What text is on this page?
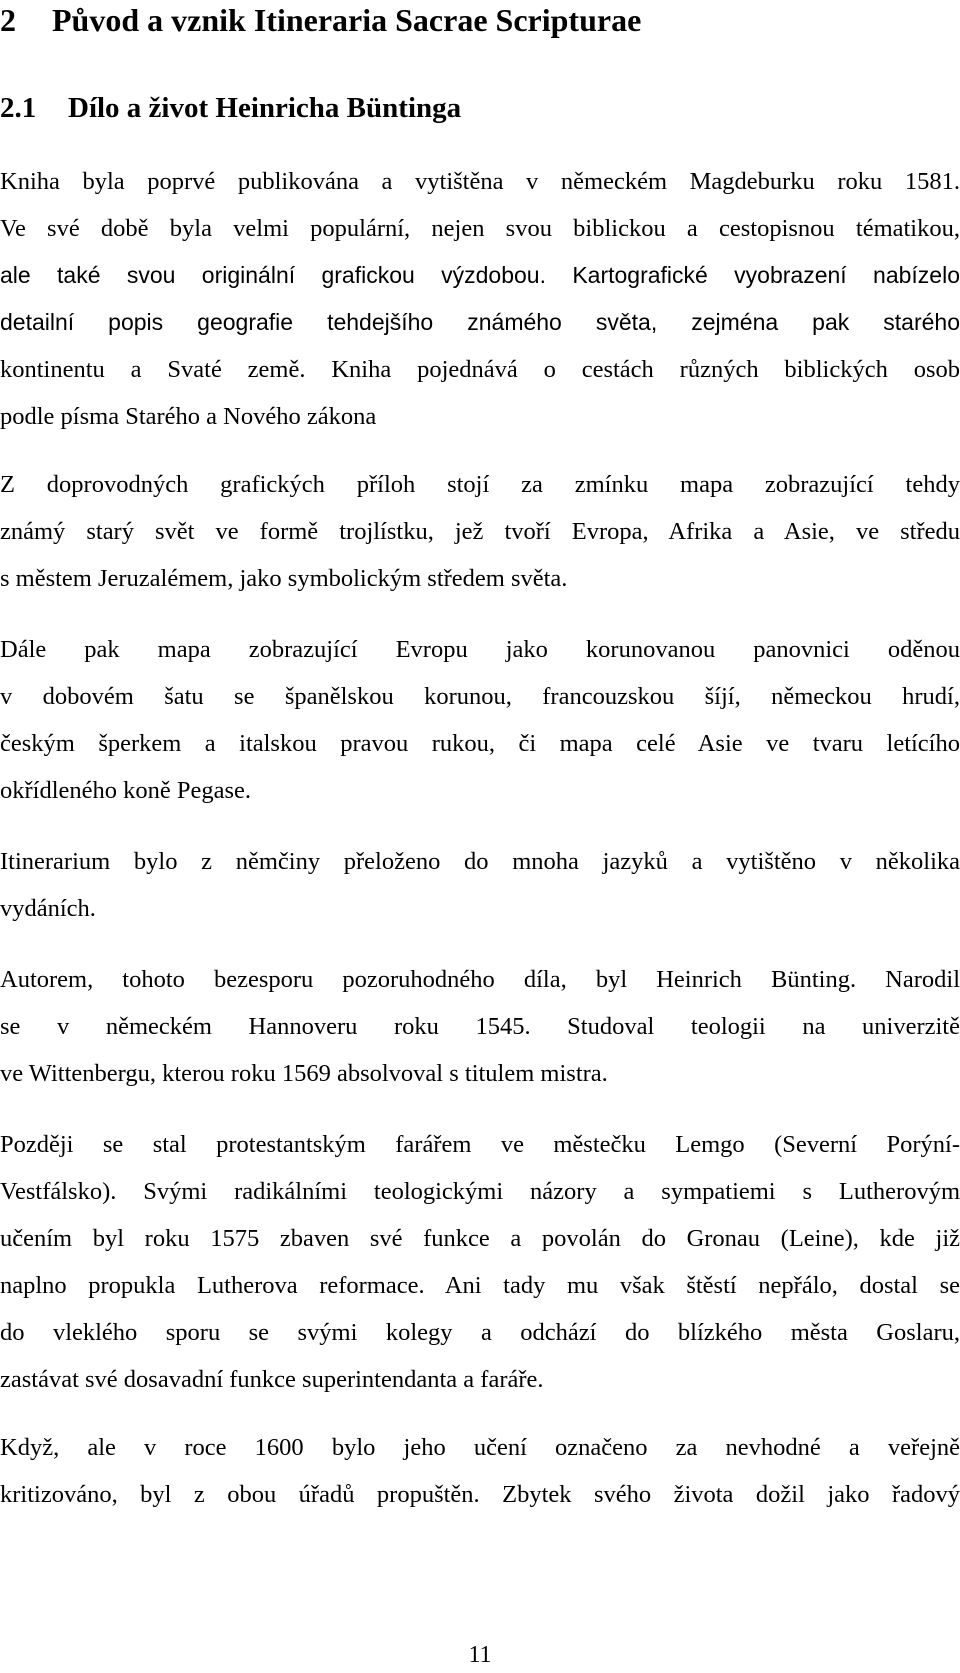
2 Původ a vznik Itineraria Sacrae Scripturae
2.1 Dílo a život Heinricha Büntinga
Kniha byla poprvé publikována a vytištěna v německém Magdeburku roku 1581.
Ve své době byla velmi populární, nejen svou biblickou a cestopisnou tématikou,
ale také svou originální grafickou výzdobou. Kartografické vyobrazení nabízelo
detailní popis geografie tehdejšího známého světa, zejména pak starého
kontinentu a Svaté země. Kniha pojednává o cestách různých biblických osob
podle písma Starého a Nového zákona
Z doprovodných grafických příloh stojí za zmínku mapa zobrazující tehdy
známý starý svět ve formě trojlístku, jež tvoří Evropa, Afrika a Asie, ve středu
s městem Jeruzalémem, jako symbolickým středem světa.
Dále pak mapa zobrazující Evropu jako korunovanou panovnici oděnou
v dobovém šatu se španělskou korunou, francouzskou šíjí, německou hrudí,
českým šperkem a italskou pravou rukou, či mapa celé Asie ve tvaru letícího
okřídleného koně Pegase.
Itinerarium bylo z němčiny přeloženo do mnoha jazyků a vytištěno v několika
vydáních.
Autorem, tohoto bezesporu pozoruhodného díla, byl Heinrich Bünting. Narodil
se v německém Hannoveru roku 1545. Studoval teologii na univerzitě
ve Wittenbergu, kterou roku 1569 absolvoval s titulem mistra.
Později se stal protestantským farářem ve městečku Lemgo (Severní Porýní-
Vestfálsko). Svými radikálními teologickými názory a sympatiemi s Lutherovým
učením byl roku 1575 zbaven své funkce a povolán do Gronau (Leine), kde již
naplno propukla Lutherova reformace. Ani tady mu však štěstí nepřálo, dostal se
do vleklého sporu se svými kolegy a odchází do blízkého města Goslaru,
zastávat své dosavadní funkce superintendanta a faráře.
Když, ale v roce 1600 bylo jeho učení označeno za nevhodné a veřejně
kritizováno, byl z obou úřadů propuštěn. Zbytek svého života dožil jako řadový
11
